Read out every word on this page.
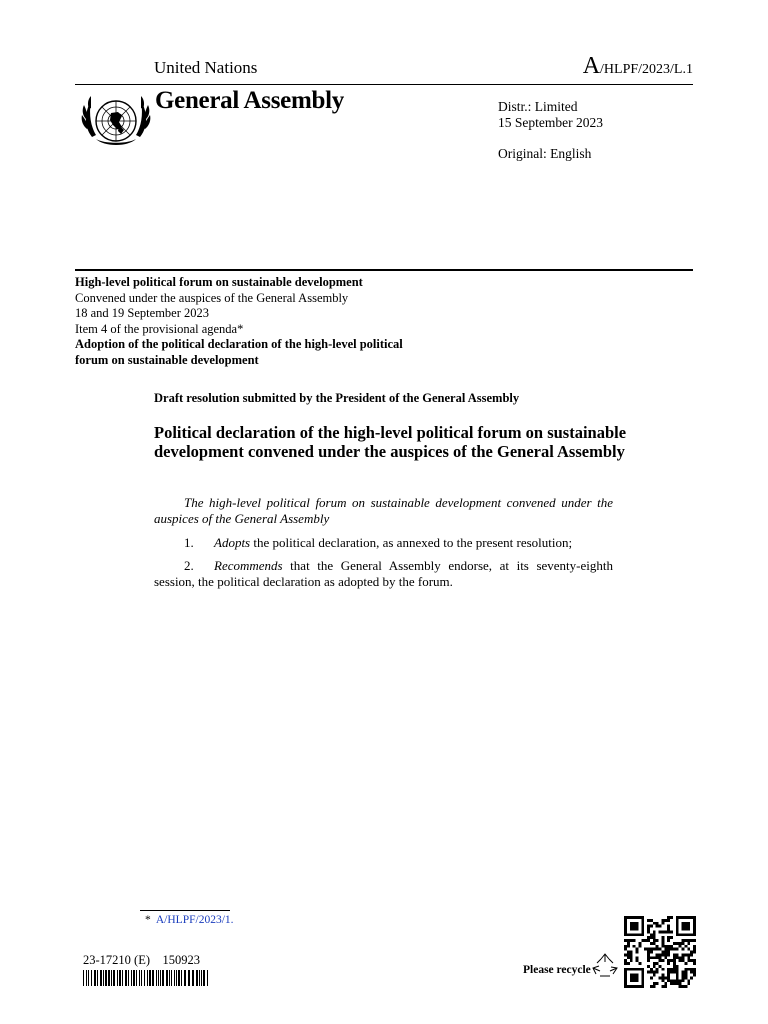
United Nations	A/HLPF/2023/L.1
General Assembly	Distr.: Limited
15 September 2023
Original: English
High-level political forum on sustainable development
Convened under the auspices of the General Assembly
18 and 19 September 2023
Item 4 of the provisional agenda*
Adoption of the political declaration of the high-level political forum on sustainable development
Draft resolution submitted by the President of the General Assembly
Political declaration of the high-level political forum on sustainable development convened under the auspices of the General Assembly
The high-level political forum on sustainable development convened under the auspices of the General Assembly
1. Adopts the political declaration, as annexed to the present resolution;
2. Recommends that the General Assembly endorse, at its seventy-eighth session, the political declaration as adopted by the forum.
* A/HLPF/2023/1.
23-17210 (E)    150923
Please recycle
